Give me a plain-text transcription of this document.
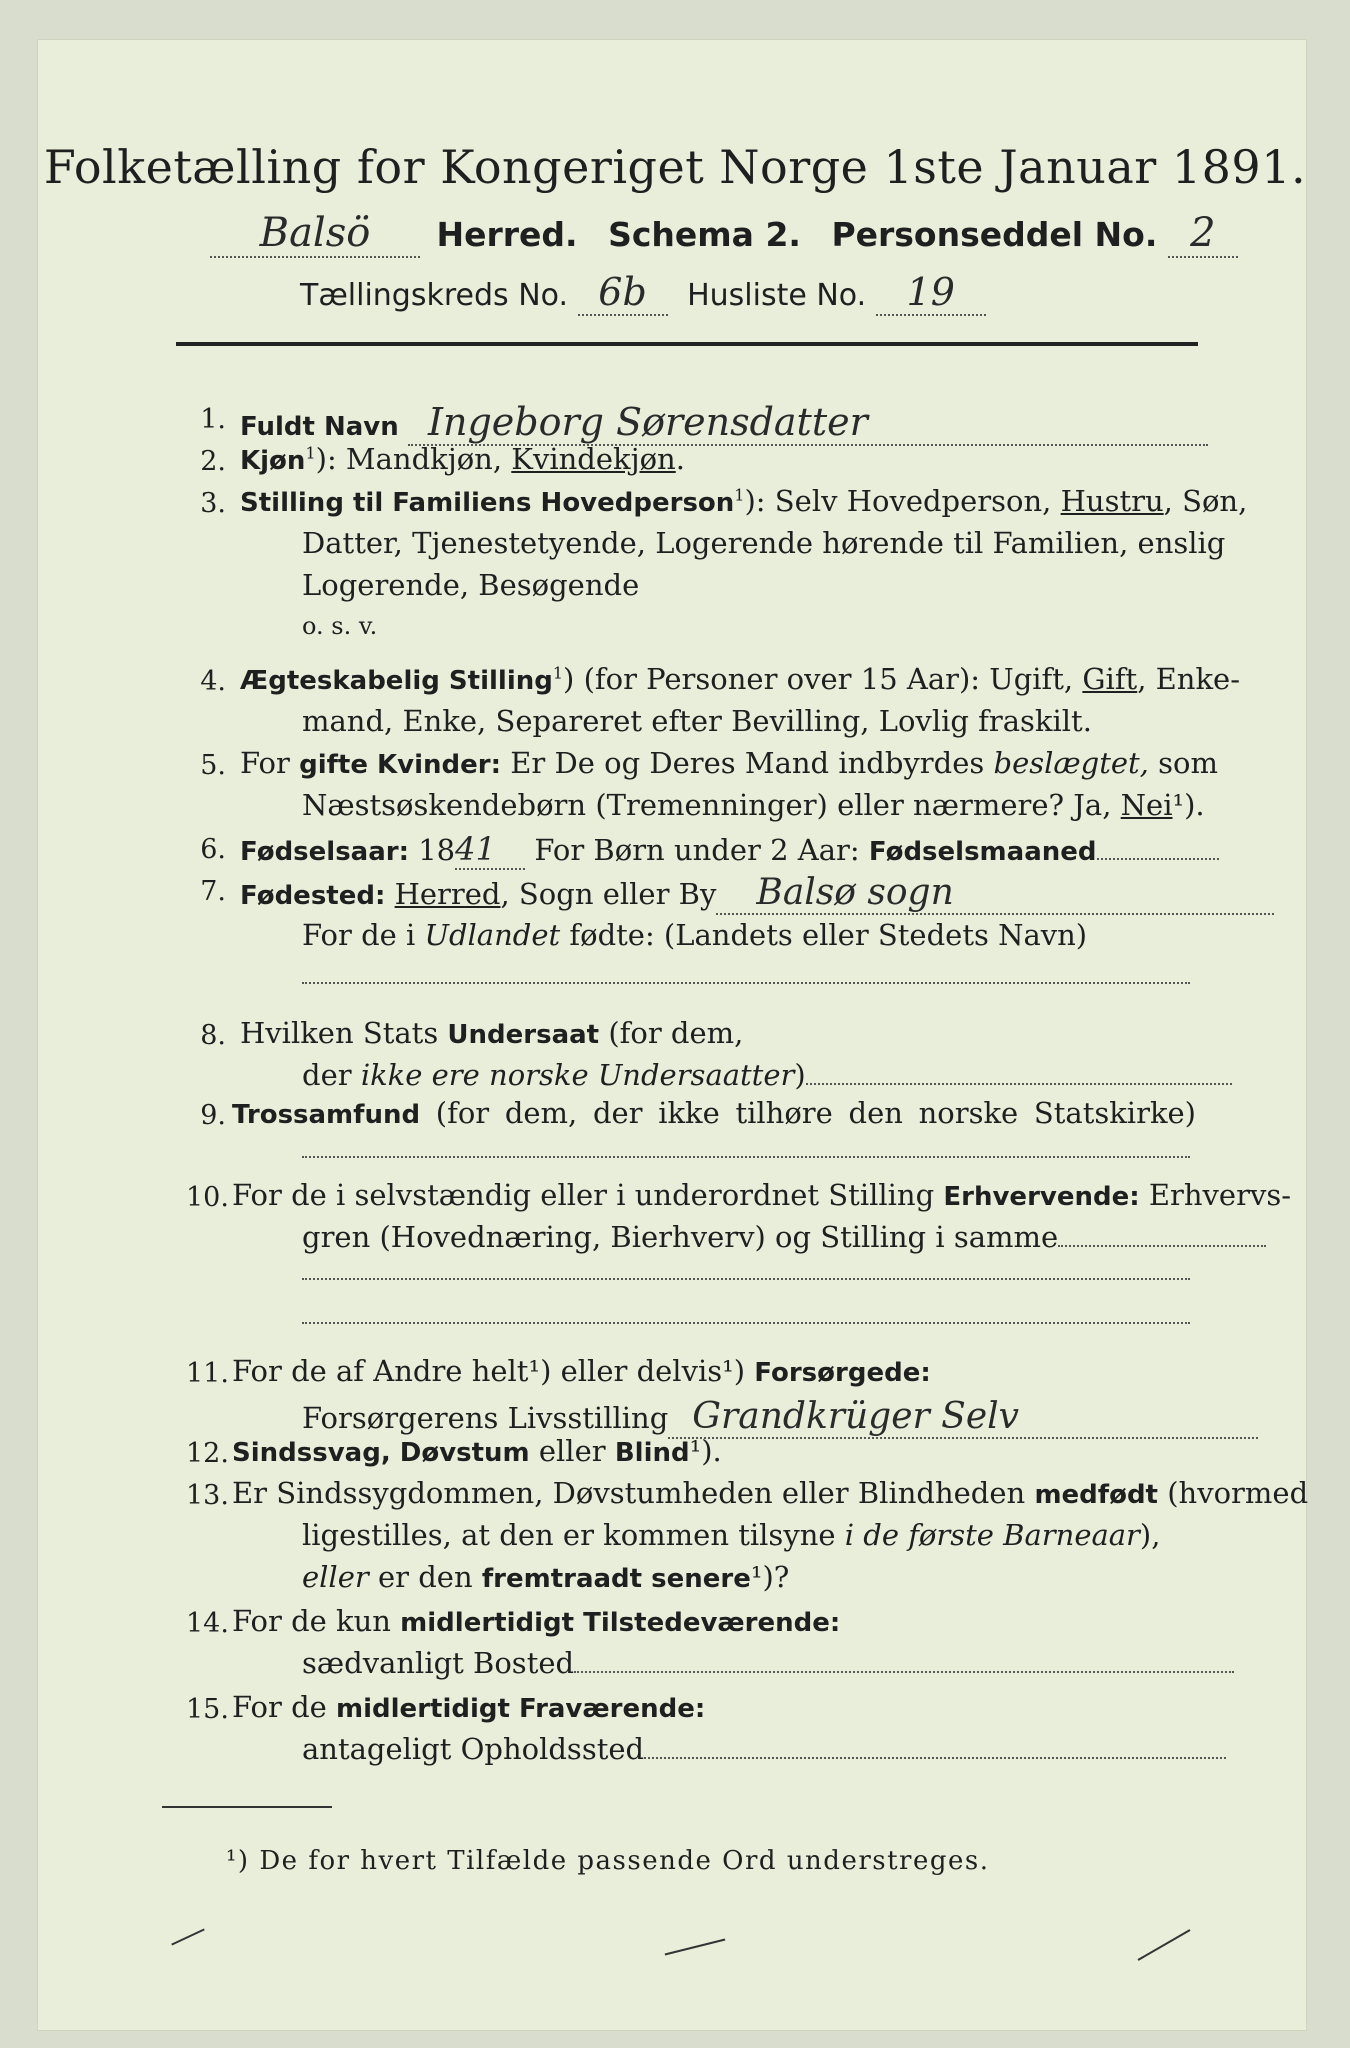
Folketælling for Kongeriget Norge 1ste Januar 1891.
Balsö Herred. Schema 2. Personseddel No. 2
Tællingskreds No. 6b Husliste No. 19
1. Fuldt Navn Ingeborg Sørensdatter
2. Kjøn$^1$): Mandkjøn, Kvindekjøn.
3. Stilling til Familiens Hovedperson$^1$): Selv Hovedperson, Hustru, Søn,
Datter, Tjenestetyende, Logerende hørende til Familien, enslig
Logerende, Besøgende
o. s. v.
4. Ægteskabelig Stilling$^1$) (for Personer over 15 Aar): Ugift, Gift, Enke-
mand, Enke, Separeret efter Bevilling, Lovlig fraskilt.
5. For gifte Kvinder: Er De og Deres Mand indbyrdes beslægtet, som
Næstsøskendebørn (Tremenninger) eller nærmere? Ja, Nei¹).
6. Fødselsaar: 1841 For Børn under 2 Aar: Fødselsmaaned
7. Fødested: Herred, Sogn eller By Balsø sogn
For de i Udlandet fødte: (Landets eller Stedets Navn)
8. Hvilken Stats Undersaat (for dem,
der ikke ere norske Undersaatter)
9. Trossamfund (for dem, der ikke tilhøre den norske Statskirke)
10. For de i selvstændig eller i underordnet Stilling Erhvervende: Erhvervs-
gren (Hovednæring, Bierhverv) og Stilling i samme
11. For de af Andre helt¹) eller delvis¹) Forsørgede:
Forsørgerens Livsstilling Grandkrüger Selv
12. Sindssvag, Døvstum eller Blind¹).
13. Er Sindssygdommen, Døvstumheden eller Blindheden medfødt (hvormed
ligestilles, at den er kommen tilsyne i de første Barneaar),
eller er den fremtraadt senere¹)?
14. For de kun midlertidigt Tilstedeværende:
sædvanligt Bosted
15. For de midlertidigt Fraværende:
antageligt Opholdssted
¹) De for hvert Tilfælde passende Ord understreges.
